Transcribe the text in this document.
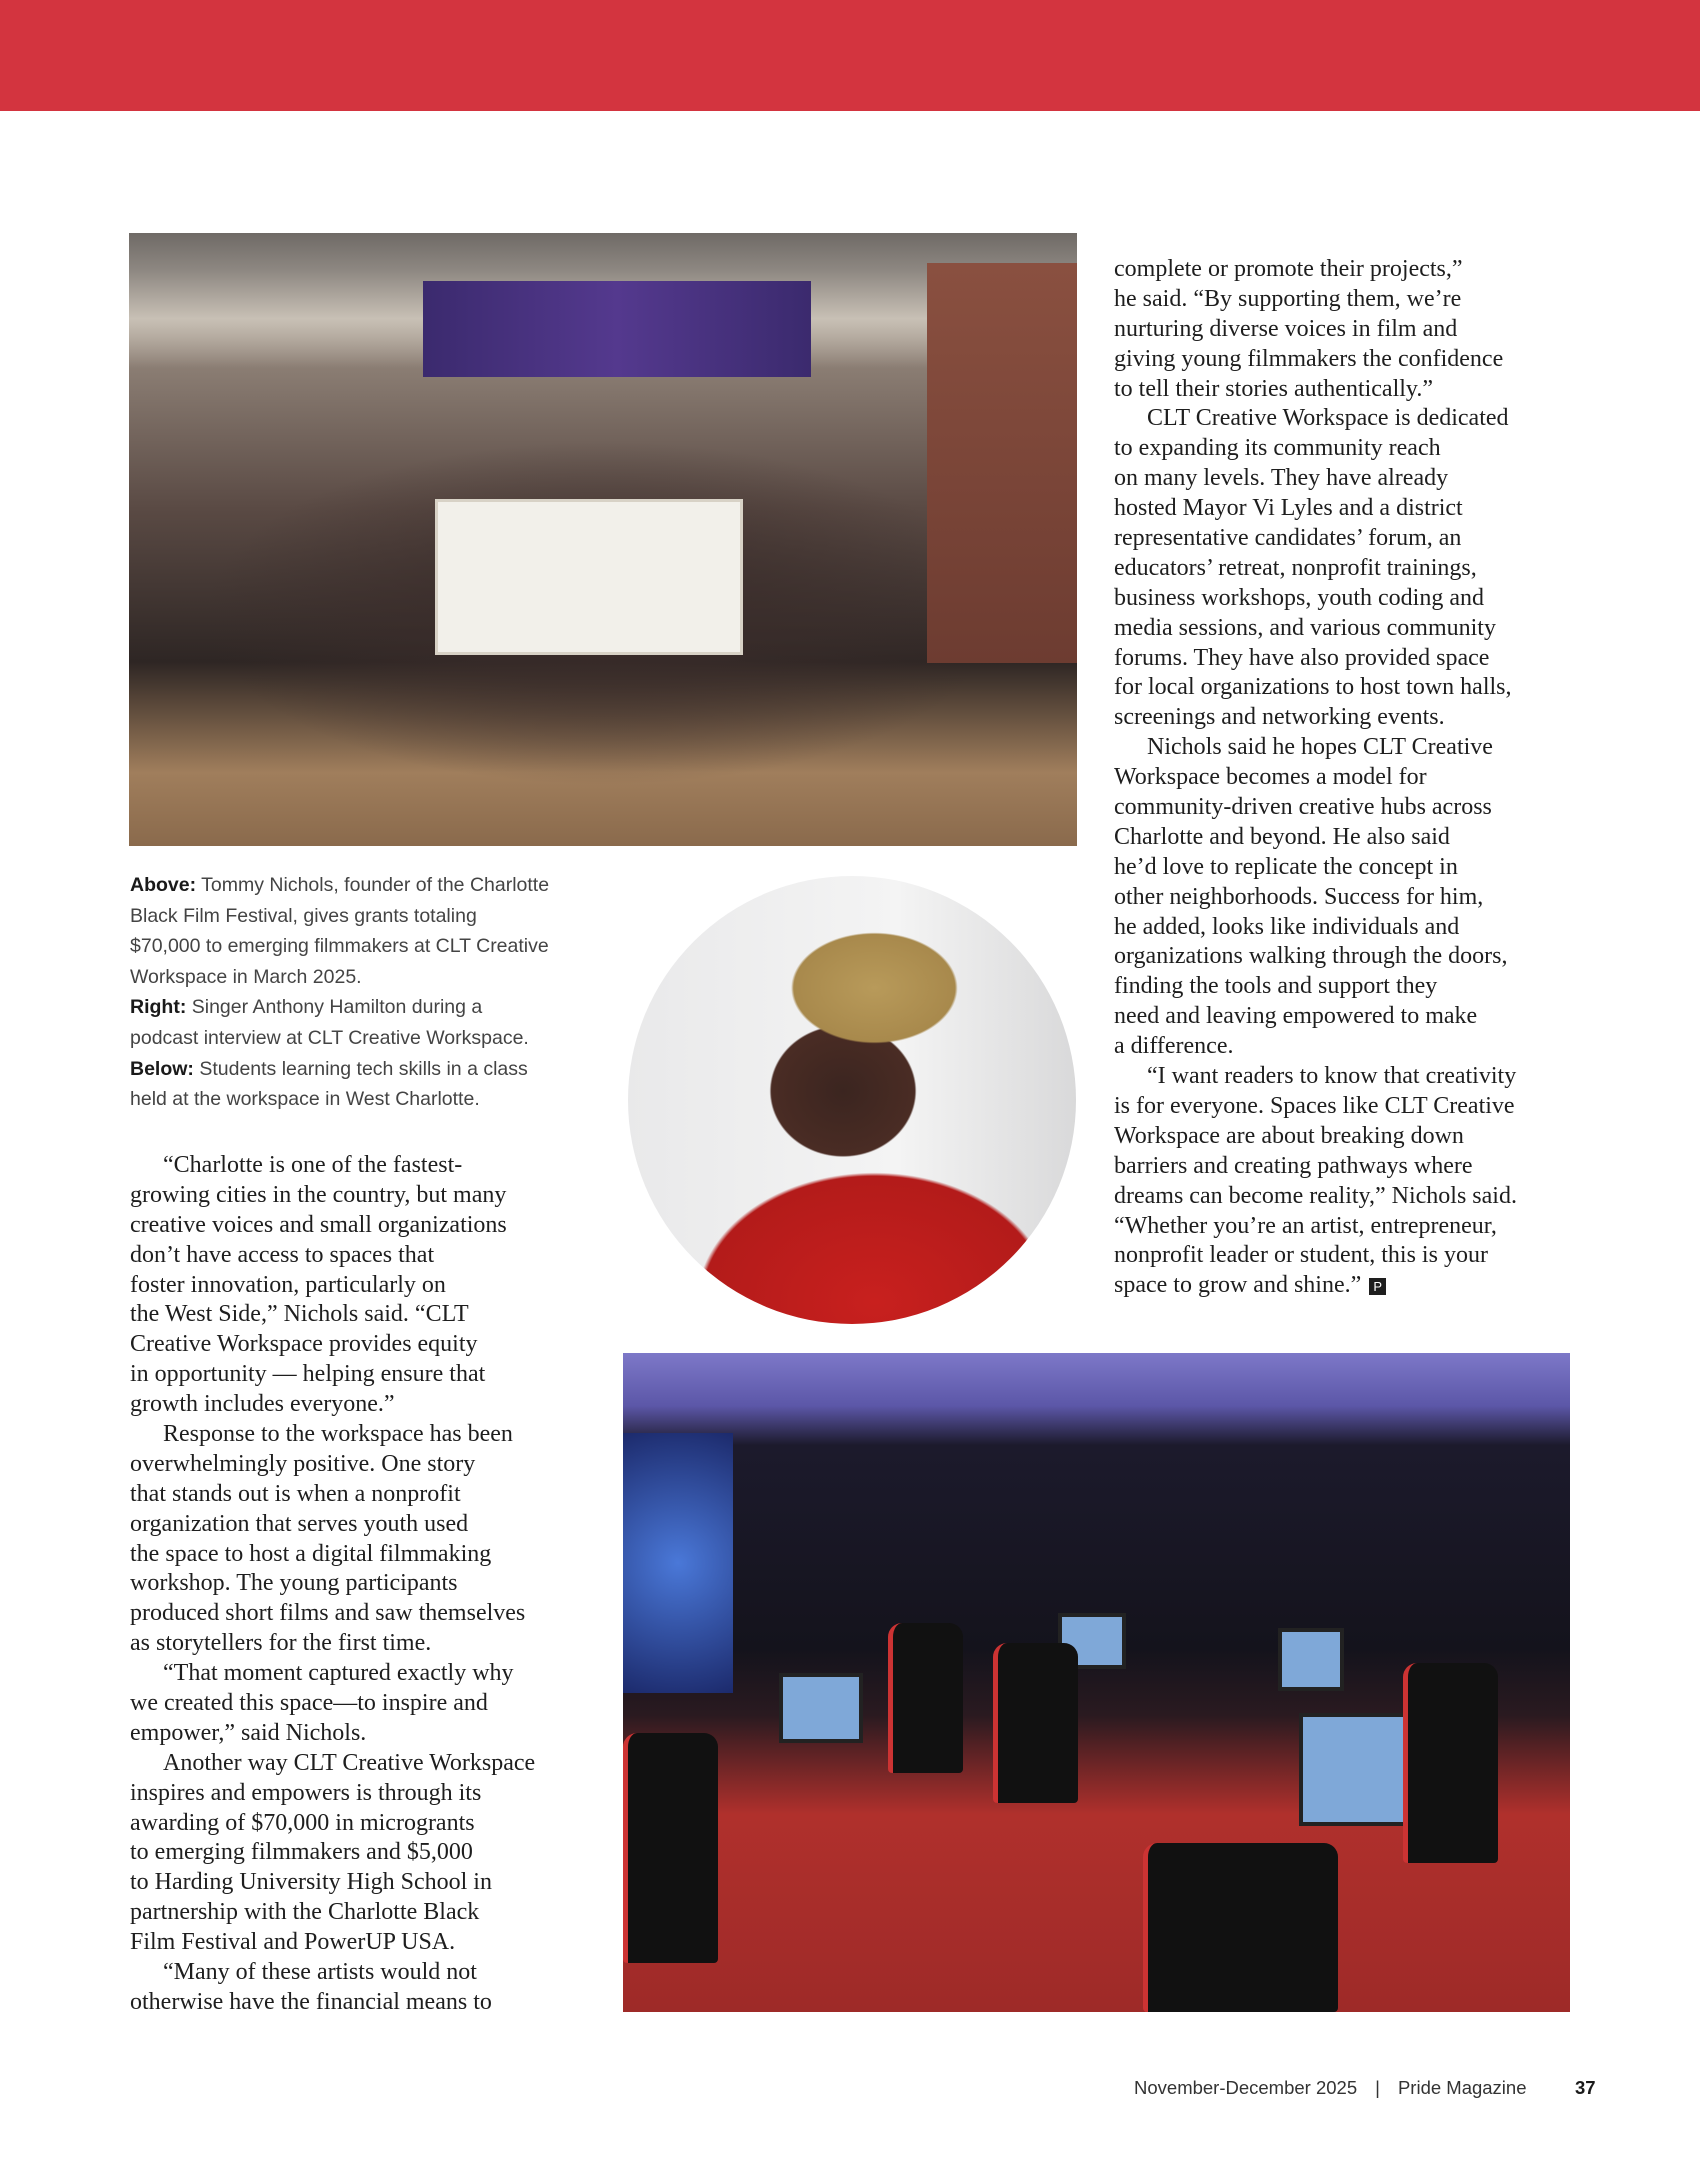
Above: Tommy Nichols, founder of the Charlotte
Black Film Festival, gives grants totaling
$70,000 to emerging filmmakers at CLT Creative
Workspace in March 2025.
Right: Singer Anthony Hamilton during a
podcast interview at CLT Creative Workspace.
Below: Students learning tech skills in a class
held at the workspace in West Charlotte.
“Charlotte is one of the fastest-
growing cities in the country, but many
creative voices and small organizations
don’t have access to spaces that
foster innovation, particularly on
the West Side,” Nichols said. “CLT
Creative Workspace provides equity
in opportunity — helping ensure that
growth includes everyone.”
Response to the workspace has been
overwhelmingly positive. One story
that stands out is when a nonprofit
organization that serves youth used
the space to host a digital filmmaking
workshop. The young participants
produced short films and saw themselves
as storytellers for the first time.
“That moment captured exactly why
we created this space—to inspire and
empower,” said Nichols.
Another way CLT Creative Workspace
inspires and empowers is through its
awarding of $70,000 in microgrants
to emerging filmmakers and $5,000
to Harding University High School in
partnership with the Charlotte Black
Film Festival and PowerUP USA.
“Many of these artists would not
otherwise have the financial means to
complete or promote their projects,”
he said. “By supporting them, we’re
nurturing diverse voices in film and
giving young filmmakers the confidence
to tell their stories authentically.”
CLT Creative Workspace is dedicated
to expanding its community reach
on many levels. They have already
hosted Mayor Vi Lyles and a district
representative candidates’ forum, an
educators’ retreat, nonprofit trainings,
business workshops, youth coding and
media sessions, and various community
forums. They have also provided space
for local organizations to host town halls,
screenings and networking events.
Nichols said he hopes CLT Creative
Workspace becomes a model for
community-driven creative hubs across
Charlotte and beyond. He also said
he’d love to replicate the concept in
other neighborhoods. Success for him,
he added, looks like individuals and
organizations walking through the doors,
finding the tools and support they
need and leaving empowered to make
a difference.
“I want readers to know that creativity
is for everyone. Spaces like CLT Creative
Workspace are about breaking down
barriers and creating pathways where
dreams can become reality,” Nichols said.
“Whether you’re an artist, entrepreneur,
nonprofit leader or student, this is your
space to grow and shine.” P
November-December 2025 | Pride Magazine	37
